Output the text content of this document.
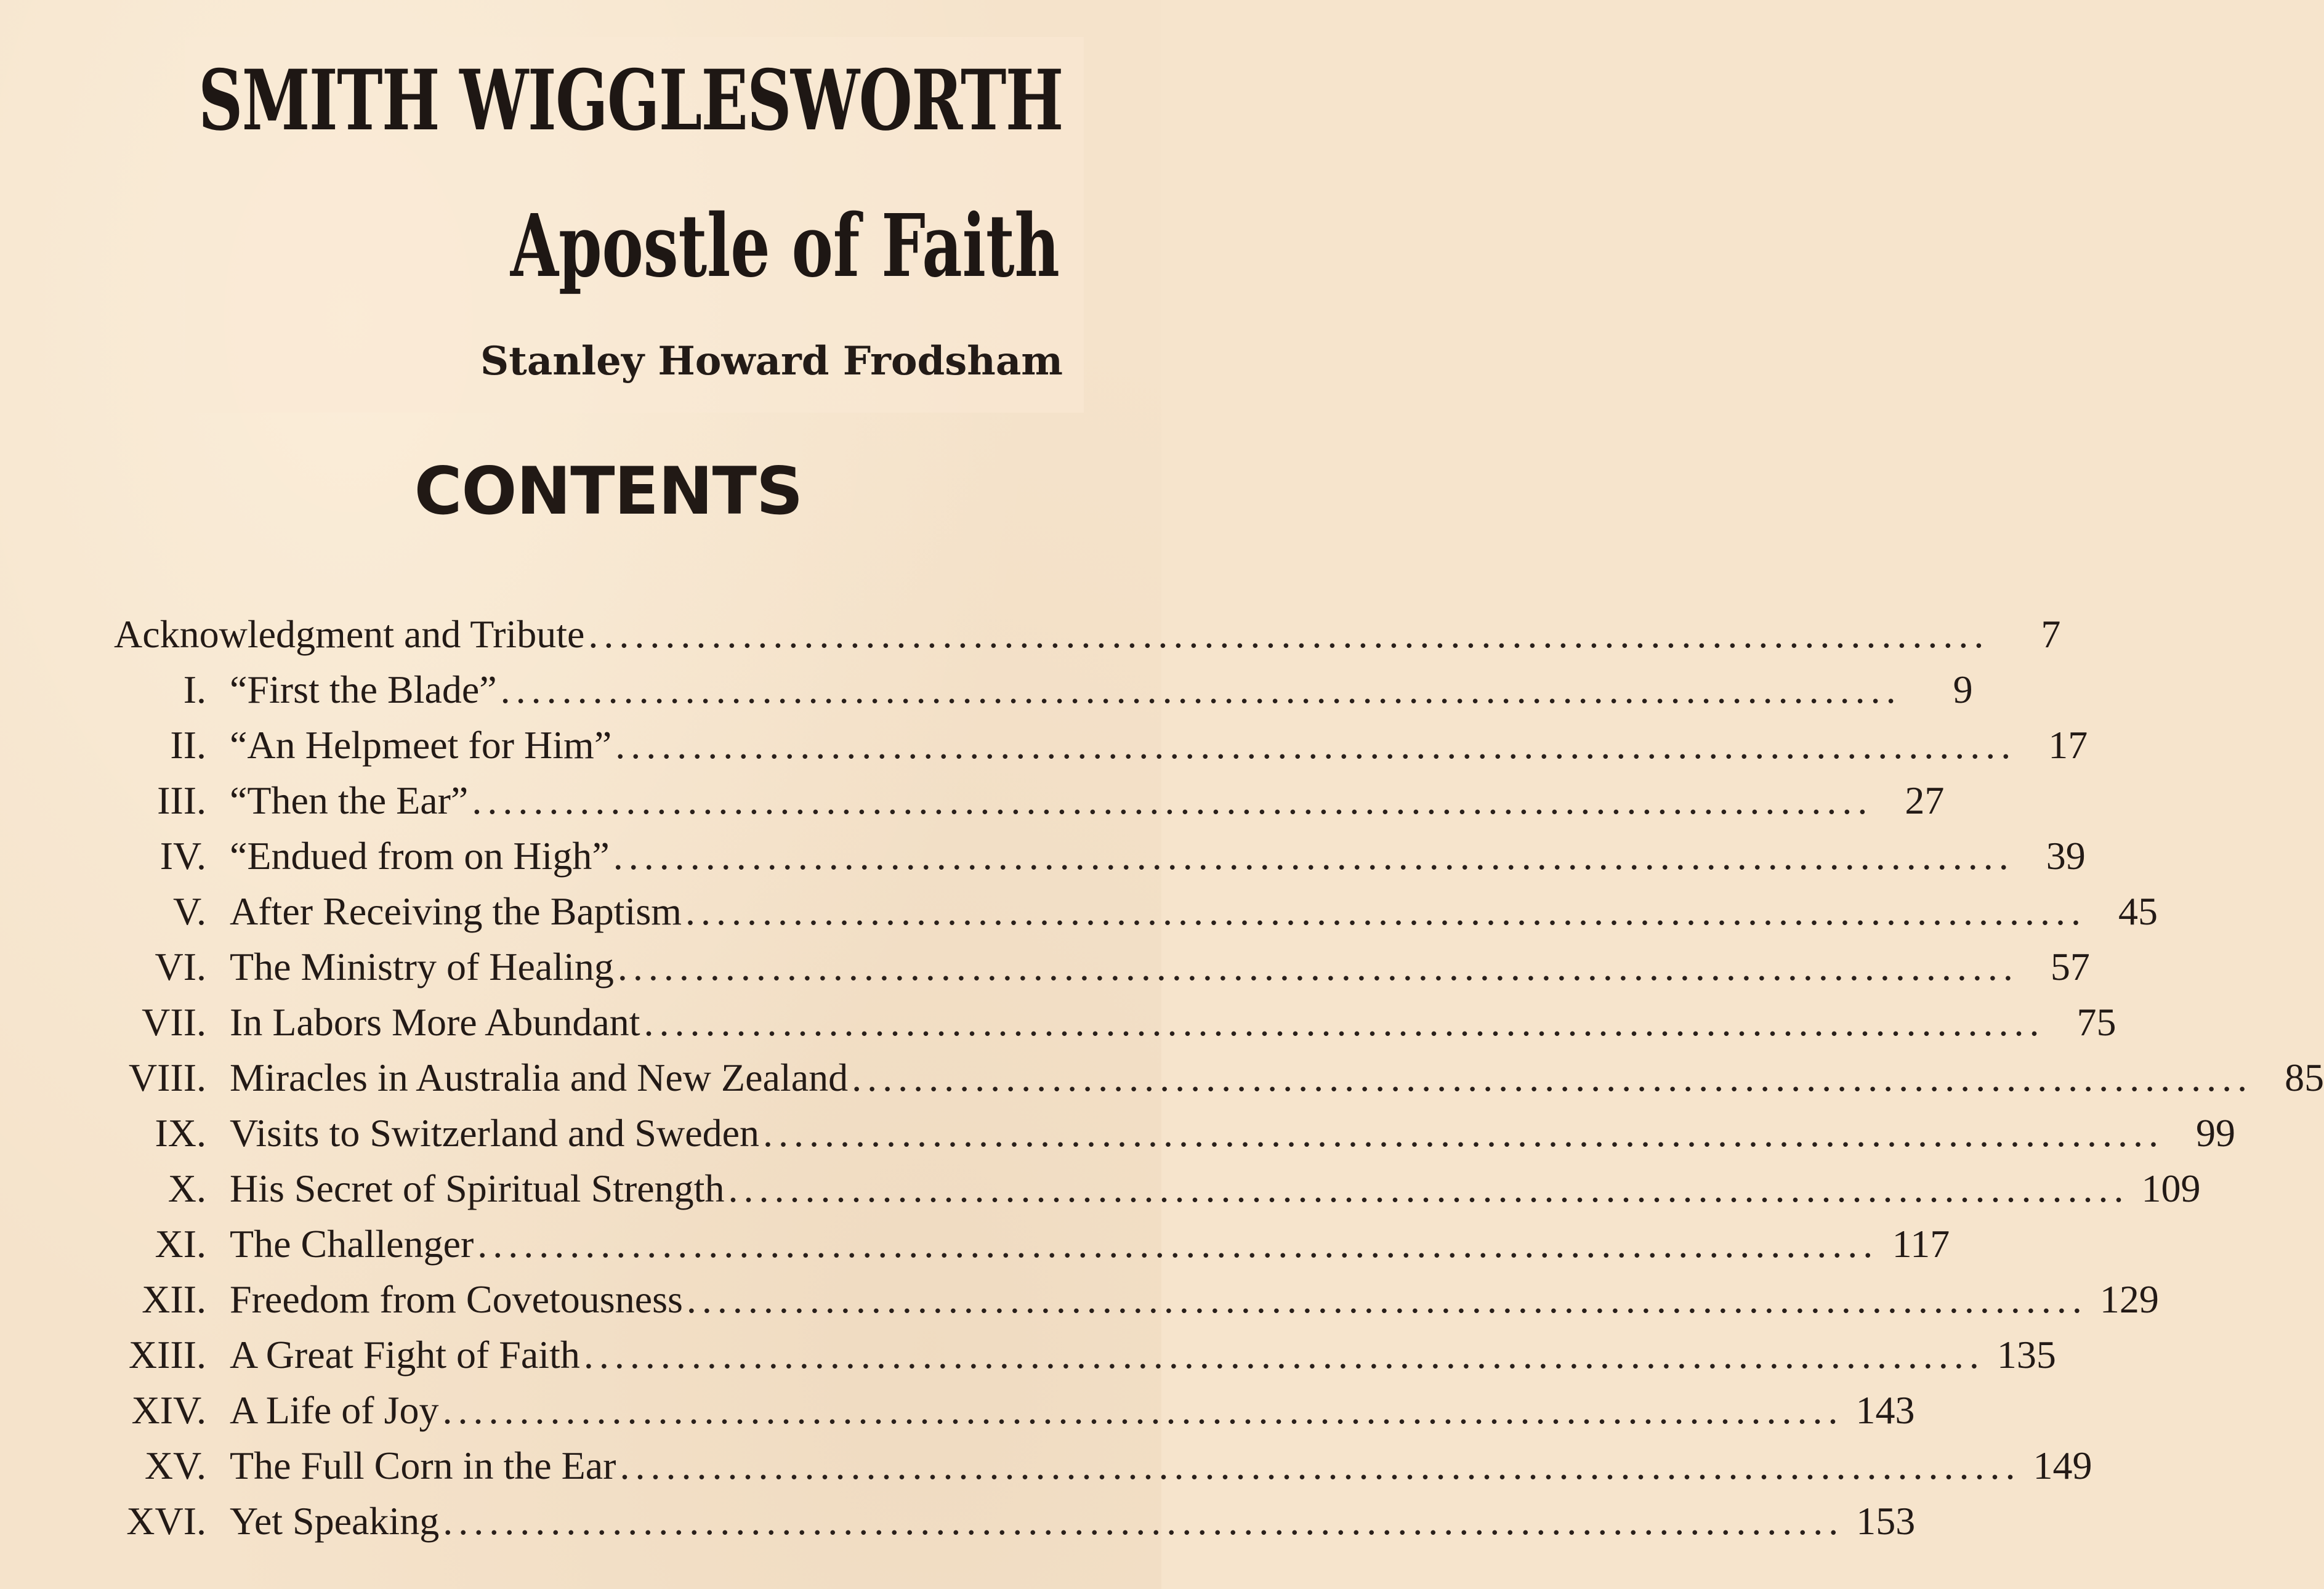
SMITH WIGGLESWORTH
Apostle of Faith

Stanley Howard Frodsham

CONTENTS
Acknowledgment and Tribute ...........................................................................................	7
I. “First the Blade” ...........................................................................................	9
II. “An Helpmeet for Him” ........................................................................................... 17
III. “Then the Ear” ........................................................................................... 27
IV. “Endued from on High” ........................................................................................... 39
V. After Receiving the Baptism ........................................................................................... 45
VI. The Ministry of Healing ........................................................................................... 57
VII. In Labors More Abundant ........................................................................................... 75
VIII. Miracles in Australia and New Zealand ........................................................................................... 85
IX. Visits to Switzerland and Sweden ........................................................................................... 99
X. His Secret of Spiritual Strength ........................................................................................... 109
XI. The Challenger ........................................................................................... 117
XII. Freedom from Covetousness ........................................................................................... 129
XIII. A Great Fight of Faith ........................................................................................... 135
XIV. A Life of Joy ........................................................................................... 143
XV. The Full Corn in the Ear ........................................................................................... 149
XVI. Yet Speaking ........................................................................................... 153
